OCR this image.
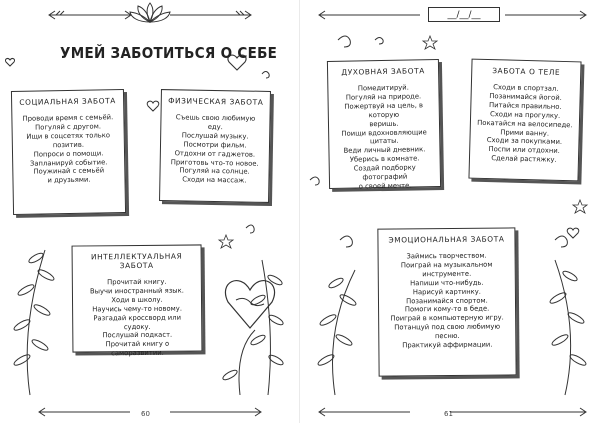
УМЕЙ ЗАБОТИТЬСЯ О СЕБЕ
СОЦИАЛЬНАЯ ЗАБОТА
Проводи время с семьёй.
Погуляй с другом.
Ищи в соцсетях только
позитив.
Попроси о помощи.
Запланируй событие.
Поужинай с семьёй
и друзьями.
ФИЗИЧЕСКАЯ ЗАБОТА
Съешь свою любимую еду.
Послушай музыку.
Посмотри фильм.
Отдохни от гаджетов.
Приготовь что-то новое.
Погуляй на солнце.
Сходи на массаж.
ИНТЕЛЛЕКТУАЛЬНАЯ ЗАБОТА
Прочитай книгу.
Выучи иностранный язык.
Ходи в школу.
Научись чему-то новому.
Разгадай кроссворд или судоку.
Послушай подкаст.
Прочитай книгу о саморазвитии.
60
__/__/__
ДУХОВНАЯ ЗАБОТА
Помедитируй.
Погуляй на природе.
Пожертвуй на цель, в которую
веришь.
Поищи вдохновляющие
цитаты.
Веди личный дневник.
Уберись в комнате.
Создай подборку фотографий
о своей мечте.
ЗАБОТА О ТЕЛЕ
Сходи в спортзал.
Позанимайся йогой.
Питайся правильно.
Сходи на прогулку.
Покатайся на велосипеде.
Прими ванну.
Сходи за покупками.
Поспи или отдохни.
Сделай растяжку.
ЭМОЦИОНАЛЬНАЯ ЗАБОТА
Займись творчеством.
Поиграй на музыкальном
инструменте.
Напиши что-нибудь.
Нарисуй картинку.
Позанимайся спортом.
Помоги кому-то в беде.
Поиграй в компьютерную игру.
Потанцуй под свою любимую
песню.
Практикуй аффирмации.
61
